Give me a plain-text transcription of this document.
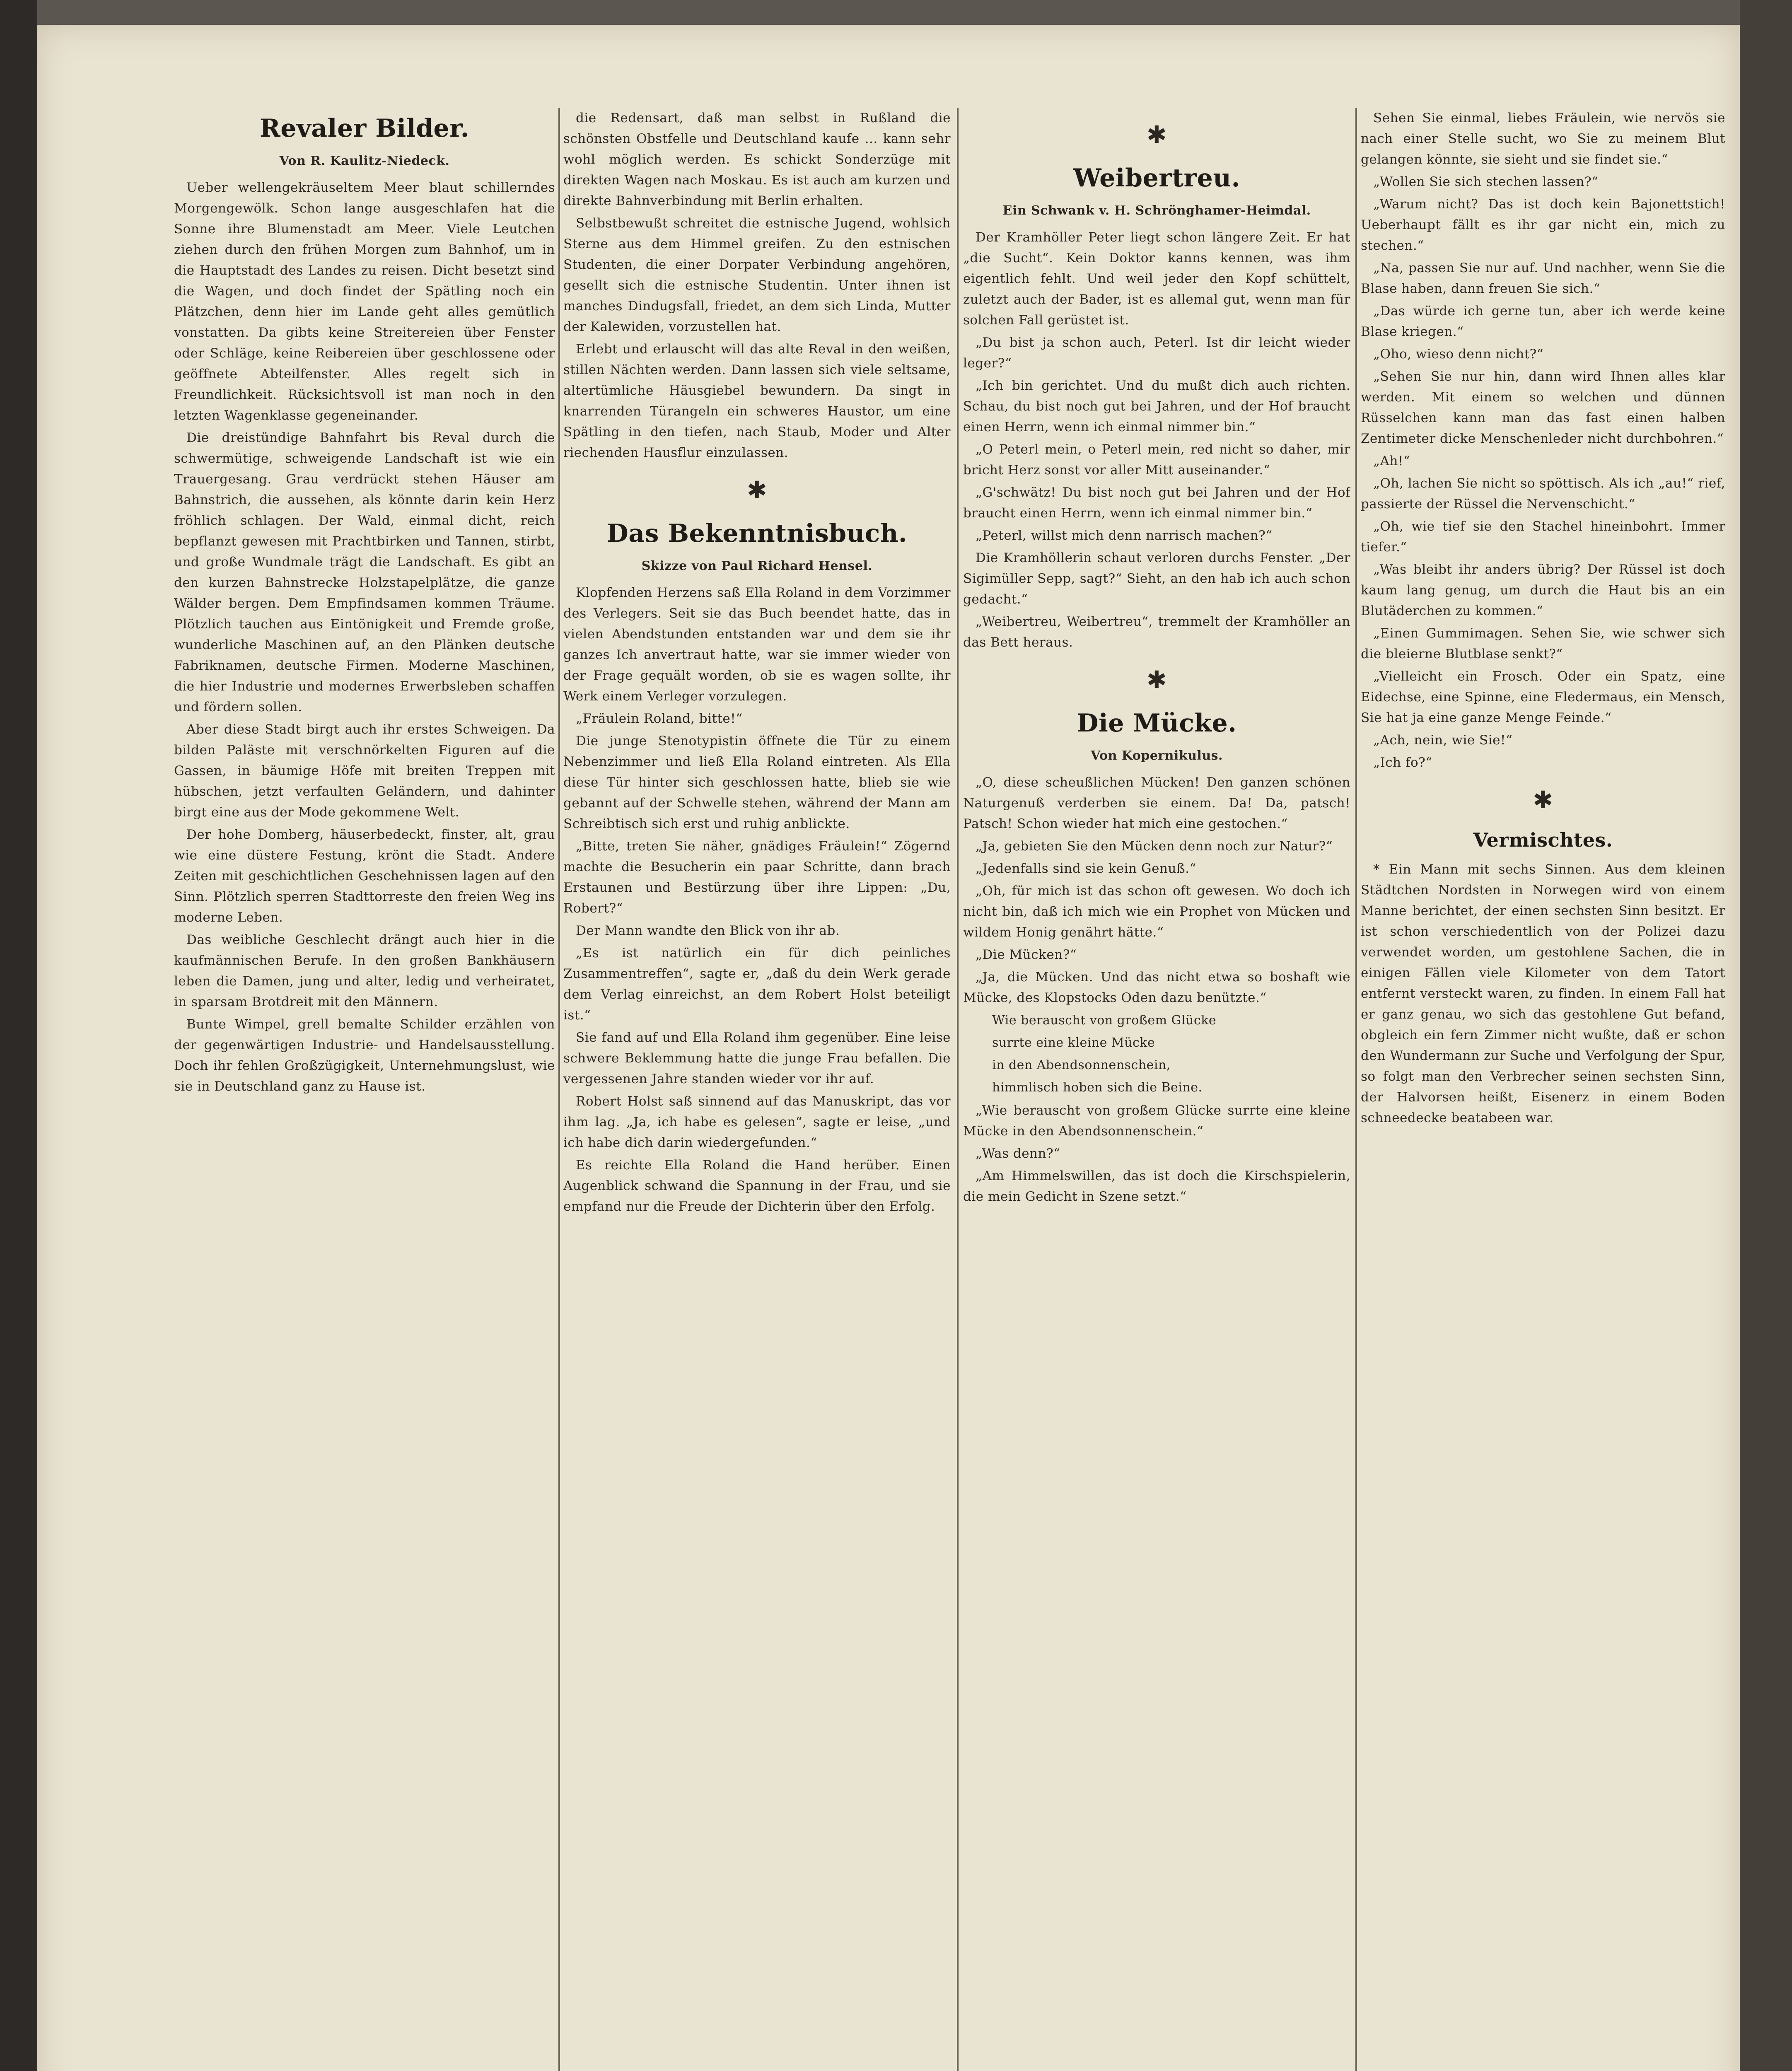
Revaler Bilder.
Von R. Kaulitz-Niedeck.

Ueber wellengekräuseltem Meer blaut schillerndes Morgengewölk. Schon lange ausgeschlafen hat die Sonne ihre Blumenstadt am Meer. Viele Leutchen ziehen durch den frühen Morgen zum Bahnhof, um in die Hauptstadt des Landes zu reisen. Dicht besetzt sind die Wagen, und doch findet der Spätling noch ein Plätzchen, denn hier im Lande geht alles gemütlich vonstatten. Da gibts keine Streitereien über Fenster oder Schläge, keine Reibereien über geschlossene oder geöffnete Abteilfenster. Alles regelt sich in Freundlichkeit. Rücksichtsvoll ist man noch in den letzten Wagenklasse gegeneinander.

Die dreistündige Bahnfahrt bis Reval durch die schwermütige, schweigende Landschaft ist wie ein Trauergesang. Grau verdrückt stehen Häuser am Bahnstrich, die aussehen, als könnte darin kein Herz fröhlich schlagen. Der Wald, einmal dicht, reich bepflanzt gewesen mit Prachtbirken und Tannen, stirbt, und große Wundmale trägt die Landschaft. Es gibt an den kurzen Bahnstrecke Holzstapelplätze, die ganze Wälder bergen. Dem Empfindsamen kommen Träume. Plötzlich tauchen aus Eintönigkeit und Fremde große, wunderliche Maschinen auf, an den Plänken deutsche Fabriknamen, deutsche Firmen. Moderne Maschinen, die hier Industrie und modernes Erwerbsleben schaffen und fördern sollen.

Aber diese Stadt birgt auch ihr erstes Schweigen. Da bilden Paläste mit verschnörkelten Figuren auf die Gassen, in bäumige Höfe mit breiten Treppen mit hübschen, jetzt verfaulten Geländern, und dahinter birgt eine aus der Mode gekommene Welt.

Der hohe Domberg, häuserbedeckt, finster, alt, grau wie eine düstere Festung, krönt die Stadt. Andere Zeiten mit geschichtlichen Geschehnissen lagen auf den Sinn. Plötzlich sperren Stadttorreste den freien Weg ins moderne Leben.

Das weibliche Geschlecht drängt auch hier in die kaufmännischen Berufe. In den großen Bankhäusern leben die Damen, jung und alter, ledig und verheiratet, in sparsam Brotdreit mit den Männern.

Bunte Wimpel, grell bemalte Schilder erzählen von der gegenwärtigen Industrie- und Handelsausstellung. Doch ihr fehlen Großzügigkeit, Unternehmungslust, wie sie in Deutschland ganz zu Hause ist.

die Redensart, daß man selbst in Rußland die schönsten Obstfelle und Deutschland kaufe ... kann sehr wohl möglich werden. Es schickt Sonderzüge mit direkten Wagen nach Moskau. Es ist auch am kurzen und direkte Bahnverbindung mit Berlin erhalten.

Selbstbewußt schreitet die estnische Jugend, wohlsich Sterne aus dem Himmel greifen. Zu den estnischen Studenten, die einer Dorpater Verbindung angehören, gesellt sich die estnische Studentin. Unter ihnen ist manches Dindugsfall, friedet, an dem sich Linda, Mutter der Kalewiden, vorzustellen hat.

Erlebt und erlauscht will das alte Reval in den weißen, stillen Nächten werden. Dann lassen sich viele seltsame, altertümliche Häusgiebel bewundern. Da singt in knarrenden Türangeln ein schweres Haustor, um eine Spätling in den tiefen, nach Staub, Moder und Alter riechenden Hausflur einzulassen.

✱
Das Bekenntnisbuch.
Skizze von Paul Richard Hensel.

Klopfenden Herzens saß Ella Roland in dem Vorzimmer des Verlegers. Seit sie das Buch beendet hatte, das in vielen Abendstunden entstanden war und dem sie ihr ganzes Ich anvertraut hatte, war sie immer wieder von der Frage gequält worden, ob sie es wagen sollte, ihr Werk einem Verleger vorzulegen.

„Fräulein Roland, bitte!“

Die junge Stenotypistin öffnete die Tür zu einem Nebenzimmer und ließ Ella Roland eintreten. Als Ella diese Tür hinter sich geschlossen hatte, blieb sie wie gebannt auf der Schwelle stehen, während der Mann am Schreibtisch sich erst und ruhig anblickte.

„Bitte, treten Sie näher, gnädiges Fräulein!“ Zögernd machte die Besucherin ein paar Schritte, dann brach Erstaunen und Bestürzung über ihre Lippen: „Du, Robert?“

Der Mann wandte den Blick von ihr ab.

„Es ist natürlich ein für dich peinliches Zusammentreffen“, sagte er, „daß du dein Werk gerade dem Verlag einreichst, an dem Robert Holst beteiligt ist.“

Sie fand auf und Ella Roland ihm gegenüber. Eine leise schwere Beklemmung hatte die junge Frau befallen. Die vergessenen Jahre standen wieder vor ihr auf.

Robert Holst saß sinnend auf das Manuskript, das vor ihm lag. „Ja, ich habe es gelesen“, sagte er leise, „und ich habe dich darin wiedergefunden.“

Es reichte Ella Roland die Hand herüber. Einen Augenblick schwand die Spannung in der Frau, und sie empfand nur die Freude der Dichterin über den Erfolg.

✱
Weibertreu.
Ein Schwank v. H. Schrönghamer-Heimdal.

Der Kramhöller Peter liegt schon längere Zeit. Er hat „die Sucht“. Kein Doktor kanns kennen, was ihm eigentlich fehlt. Und weil jeder den Kopf schüttelt, zuletzt auch der Bader, ist es allemal gut, wenn man für solchen Fall gerüstet ist.

„Du bist ja schon auch, Peterl. Ist dir leicht wieder leger?“

„Ich bin gerichtet. Und du mußt dich auch richten. Schau, du bist noch gut bei Jahren, und der Hof braucht einen Herrn, wenn ich einmal nimmer bin.“

„O Peterl mein, o Peterl mein, red nicht so daher, mir bricht Herz sonst vor aller Mitt auseinander.“

„G'schwätz! Du bist noch gut bei Jahren und der Hof braucht einen Herrn, wenn ich einmal nimmer bin.“

„Peterl, willst mich denn narrisch machen?“

Die Kramhöllerin schaut verloren durchs Fenster. „Der Sigimüller Sepp, sagt?“ Sieht, an den hab ich auch schon gedacht.“

„Weibertreu, Weibertreu“, tremmelt der Kramhöller an das Bett heraus.

✱
Die Mücke.
Von Kopernikulus.

„O, diese scheußlichen Mücken! Den ganzen schönen Naturgenuß verderben sie einem. Da! Da, patsch! Patsch! Schon wieder hat mich eine gestochen.“

„Ja, gebieten Sie den Mücken denn noch zur Natur?“

„Jedenfalls sind sie kein Genuß.“

„Oh, für mich ist das schon oft gewesen. Wo doch ich nicht bin, daß ich mich wie ein Prophet von Mücken und wildem Honig genährt hätte.“

„Die Mücken?“

„Ja, die Mücken. Und das nicht etwa so boshaft wie Mücke, des Klopstocks Oden dazu benützte.“

Wie berauscht von großem Glücke
surrte eine kleine Mücke
in den Abendsonnenschein,
himmlisch hoben sich die Beine.

„Wie berauscht von großem Glücke surrte eine kleine Mücke in den Abendsonnenschein.“

„Was denn?“

„Am Himmelswillen, das ist doch die Kirschspielerin, die mein Gedicht in Szene setzt.“

Sehen Sie einmal, liebes Fräulein, wie nervös sie nach einer Stelle sucht, wo Sie zu meinem Blut gelangen könnte, sie sieht und sie findet sie.“

„Wollen Sie sich stechen lassen?“

„Warum nicht? Das ist doch kein Bajonettstich! Ueberhaupt fällt es ihr gar nicht ein, mich zu stechen.“

„Na, passen Sie nur auf. Und nachher, wenn Sie die Blase haben, dann freuen Sie sich.“

„Das würde ich gerne tun, aber ich werde keine Blase kriegen.“

„Oho, wieso denn nicht?“

„Sehen Sie nur hin, dann wird Ihnen alles klar werden. Mit einem so welchen und dünnen Rüsselchen kann man das fast einen halben Zentimeter dicke Menschenleder nicht durchbohren.“

„Ah!“

„Oh, lachen Sie nicht so spöttisch. Als ich „au!“ rief, passierte der Rüssel die Nervenschicht.“

„Oh, wie tief sie den Stachel hineinbohrt. Immer tiefer.“

„Was bleibt ihr anders übrig? Der Rüssel ist doch kaum lang genug, um durch die Haut bis an ein Blutäderchen zu kommen.“

„Einen Gummimagen. Sehen Sie, wie schwer sich die bleierne Blutblase senkt?“

„Vielleicht ein Frosch. Oder ein Spatz, eine Eidechse, eine Spinne, eine Fledermaus, ein Mensch, Sie hat ja eine ganze Menge Feinde.“

„Ach, nein, wie Sie!“

„Ich fo?“

✱
Vermischtes.

* Ein Mann mit sechs Sinnen. Aus dem kleinen Städtchen Nordsten in Norwegen wird von einem Manne berichtet, der einen sechsten Sinn besitzt. Er ist schon verschiedentlich von der Polizei dazu verwendet worden, um gestohlene Sachen, die in einigen Fällen viele Kilometer von dem Tatort entfernt versteckt waren, zu finden. In einem Fall hat er ganz genau, wo sich das gestohlene Gut befand, obgleich ein fern Zimmer nicht wußte, daß er schon den Wundermann zur Suche und Verfolgung der Spur, so folgt man den Verbrecher seinen sechsten Sinn, der Halvorsen heißt, Eisenerz in einem Boden schneedecke beatabeen war.
